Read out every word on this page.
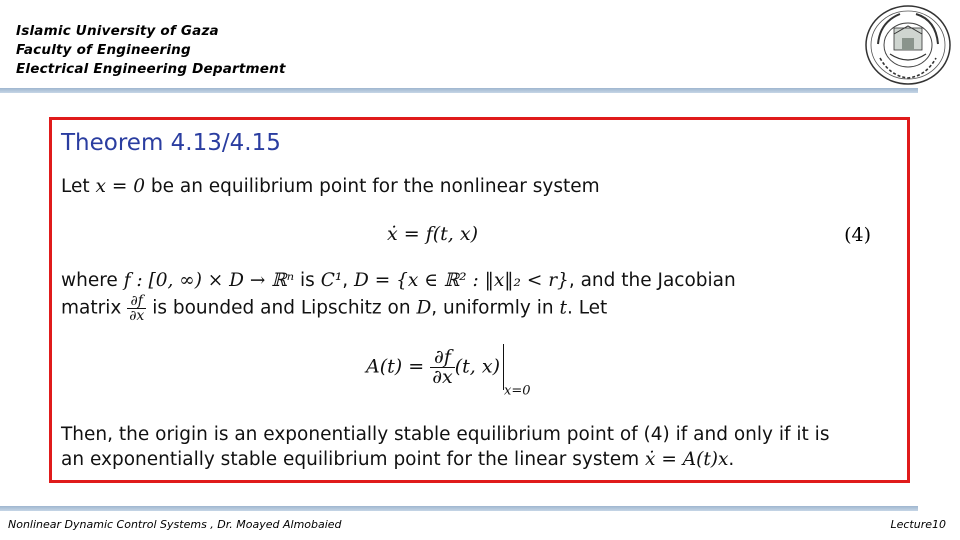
Islamic University of Gaza
Faculty of Engineering
Electrical Engineering Department
Theorem 4.13/4.15
Let x = 0 be an equilibrium point for the nonlinear system
ẋ = f(t, x)	(4)
where f : [0, ∞) × D → ℝⁿ is C¹, D = {x ∈ ℝ² : ‖x‖₂ < r}, and the Jacobian
matrix $\frac{\partial f}{\partial x}$ is bounded and Lipschitz on D, uniformly in t. Let
$A(t) = \frac{\partial f}{\partial x} (t$, $x)_{x=0}$
Then, the origin is an exponentially stable equilibrium point of (4) if and only if it is
an exponentially stable equilibrium point for the linear system ẋ = A(t)x.
Nonlinear Dynamic Control Systems , Dr. Moayed Almobaied	Lecture10
